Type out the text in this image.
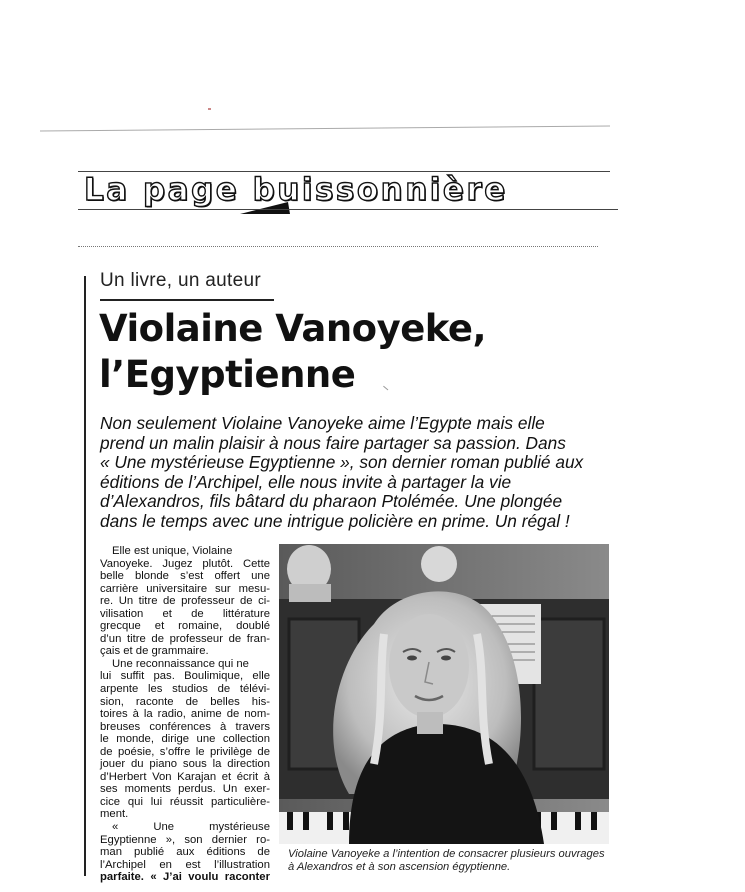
La page buissonnière
Un livre, un auteur
Violaine Vanoyeke,
l’Egyptienne
Non seulement Violaine Vanoyeke aime l’Egypte mais elle
prend un malin plaisir à nous faire partager sa passion. Dans
« Une mystérieuse Egyptienne », son dernier roman publié aux
éditions de l’Archipel, elle nous invite à partager la vie
d’Alexandros, fils bâtard du pharaon Ptolémée. Une plongée
dans le temps avec une intrigue policière en prime. Un régal !
Elle est unique, Violaine
Vanoyeke. Jugez plutôt. Cette
belle blonde s’est offert une
carrière universitaire sur mesu-
re. Un titre de professeur de ci-
vilisation et de littérature
grecque et romaine, doublé
d’un titre de professeur de fran-
çais et de grammaire.
Une reconnaissance qui ne
lui suffit pas. Boulimique, elle
arpente les studios de télévi-
sion, raconte de belles his-
toires à la radio, anime de nom-
breuses conférences à travers
le monde, dirige une collection
de poésie, s’offre le privilège de
jouer du piano sous la direction
d’Herbert Von Karajan et écrit à
ses moments perdus. Un exer-
cice qui lui réussit particulière-
ment.
« Une mystérieuse
Egyptienne », son dernier ro-
man publié aux éditions de
l’Archipel en est l’illustration
parfaite. « J’ai voulu raconter
Violaine Vanoyeke a l’intention de consacrer plusieurs ouvrages
à Alexandros et à son ascension égyptienne.
